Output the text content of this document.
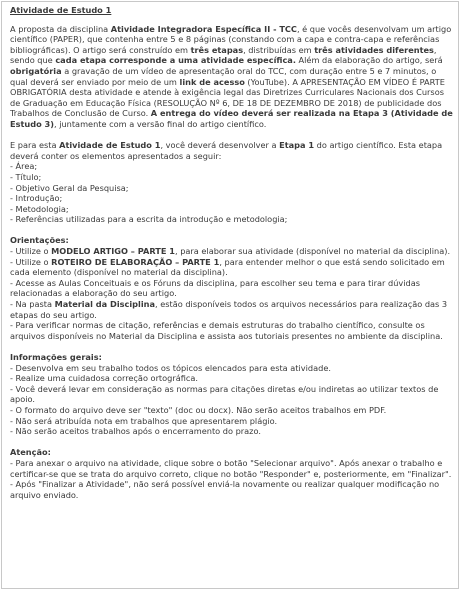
Atividade de Estudo 1

A proposta da disciplina Atividade Integradora Específica II - TCC, é que vocês desenvolvam um artigo científico (PAPER), que contenha entre 5 e 8 páginas (constando com a capa e contra-capa e referências bibliográficas). O artigo será construído em três etapas, distribuídas em três atividades diferentes, sendo que cada etapa corresponde a uma atividade específica. Além da elaboração do artigo, será obrigatória a gravação de um vídeo de apresentação oral do TCC, com duração entre 5 e 7 minutos, o qual deverá ser enviado por meio de um link de acesso (YouTube). A APRESENTAÇÃO EM VÍDEO É PARTE OBRIGATÓRIA desta atividade e atende à exigência legal das Diretrizes Curriculares Nacionais dos Cursos de Graduação em Educação Física (RESOLUÇÃO Nº 6, DE 18 DE DEZEMBRO DE 2018) de publicidade dos Trabalhos de Conclusão de Curso. A entrega do vídeo deverá ser realizada na Etapa 3 (Atividade de Estudo 3), juntamente com a versão final do artigo científico.

E para esta Atividade de Estudo 1, você deverá desenvolver a Etapa 1 do artigo científico. Esta etapa deverá conter os elementos apresentados a seguir:

- Área;

- Título;

- Objetivo Geral da Pesquisa;

- Introdução;

- Metodologia;

- Referências utilizadas para a escrita da introdução e metodologia;

Orientações:

- Utilize o MODELO ARTIGO – PARTE 1, para elaborar sua atividade (disponível no material da disciplina).

- Utilize o ROTEIRO DE ELABORAÇÃO – PARTE 1, para entender melhor o que está sendo solicitado em cada elemento (disponível no material da disciplina).

- Acesse as Aulas Conceituais e os Fóruns da disciplina, para escolher seu tema e para tirar dúvidas relacionadas a elaboração do seu artigo.

- Na pasta Material da Disciplina, estão disponíveis todos os arquivos necessários para realização das 3 etapas do seu artigo.

- Para verificar normas de citação, referências e demais estruturas do trabalho científico, consulte os arquivos disponíveis no Material da Disciplina e assista aos tutoriais presentes no ambiente da disciplina.

Informações gerais:

- Desenvolva em seu trabalho todos os tópicos elencados para esta atividade.

- Realize uma cuidadosa correção ortográfica.

- Você deverá levar em consideração as normas para citações diretas e/ou indiretas ao utilizar textos de apoio.

- O formato do arquivo deve ser "texto" (doc ou docx). Não serão aceitos trabalhos em PDF.

- Não será atribuída nota em trabalhos que apresentarem plágio.

- Não serão aceitos trabalhos após o encerramento do prazo.

Atenção:

- Para anexar o arquivo na atividade, clique sobre o botão "Selecionar arquivo". Após anexar o trabalho e certificar-se que se trata do arquivo correto, clique no botão "Responder" e, posteriormente, em "Finalizar".

- Após "Finalizar a Atividade", não será possível enviá-la novamente ou realizar qualquer modificação no arquivo enviado.
